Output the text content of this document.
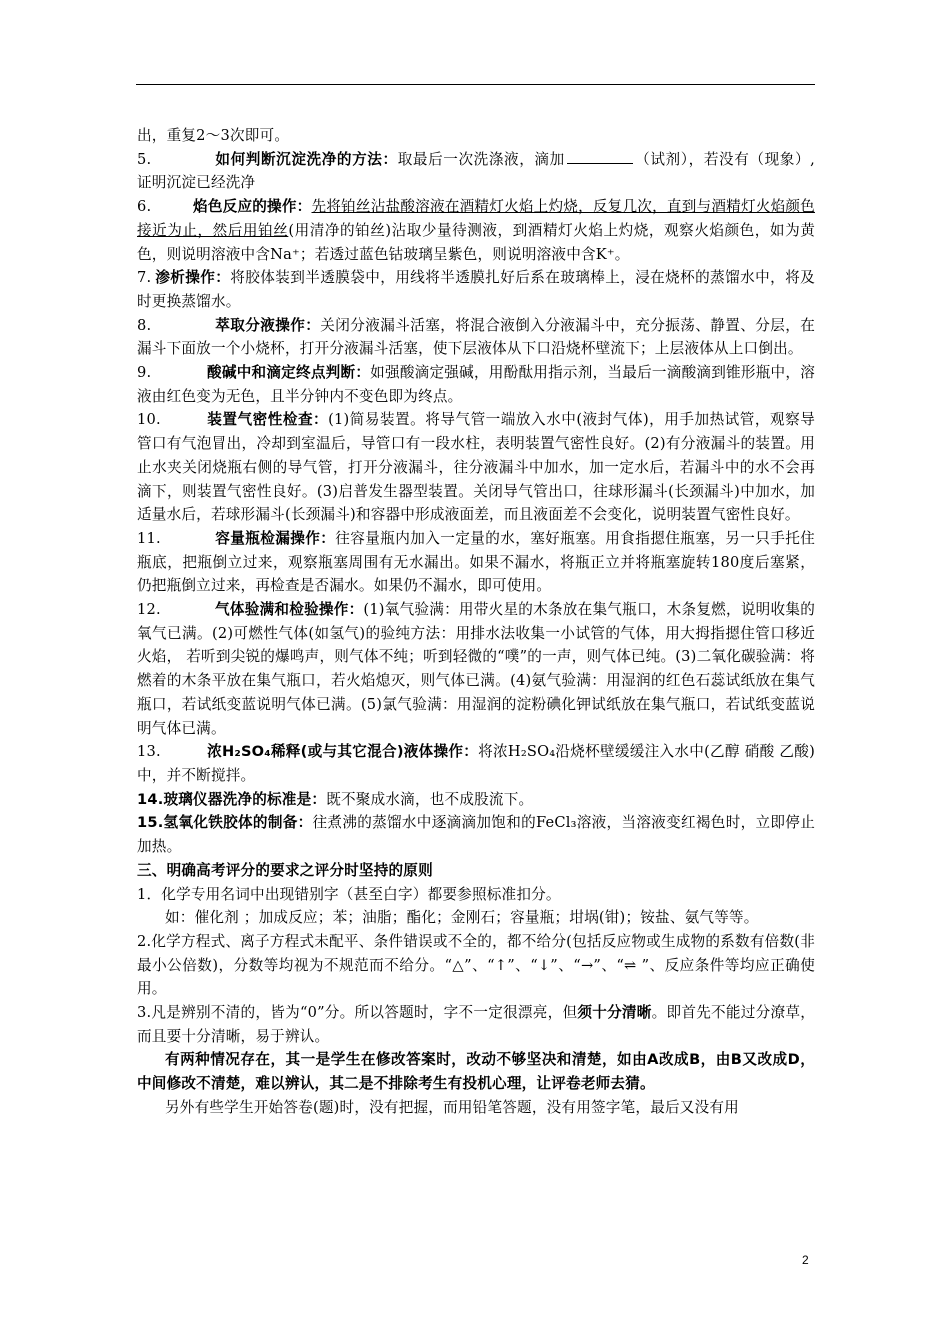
出，重复2～3次即可。

5.	如何判断沉淀洗净的方法：取最后一次洗涤液，滴加	（试剂），若没有（现象）,证明沉淀已经洗净

6.	焰色反应的操作：先将铂丝沾盐酸溶液在酒精灯火焰上灼烧，反复几次，直到与酒精灯火焰颜色接近为止，然后用铂丝(用清净的铂丝)沾取少量待测液，到酒精灯火焰上灼烧，观察火焰颜色，如为黄色，则说明溶液中含Na⁺；若透过蓝色钴玻璃呈紫色，则说明溶液中含K⁺。

7. 渗析操作：将胶体装到半透膜袋中，用线将半透膜扎好后系在玻璃棒上，浸在烧杯的蒸馏水中，将及时更换蒸馏水。

8.	萃取分液操作：关闭分液漏斗活塞，将混合液倒入分液漏斗中，充分振荡、静置、分层，在漏斗下面放一个小烧杯，打开分液漏斗活塞，使下层液体从下口沿烧杯壁流下；上层液体从上口倒出。

9.	酸碱中和滴定终点判断：如强酸滴定强碱，用酚酞用指示剂，当最后一滴酸滴到锥形瓶中，溶液由红色变为无色，且半分钟内不变色即为终点。

10.	装置气密性检查：(1)简易装置。将导气管一端放入水中(液封气体)，用手加热试管，观察导管口有气泡冒出，冷却到室温后，导管口有一段水柱，表明装置气密性良好。(2)有分液漏斗的装置。用止水夹关闭烧瓶右侧的导气管，打开分液漏斗，往分液漏斗中加水，加一定水后，若漏斗中的水不会再滴下，则装置气密性良好。(3)启普发生器型装置。关闭导气管出口，往球形漏斗(长颈漏斗)中加水，加适量水后，若球形漏斗(长颈漏斗)和容器中形成液面差，而且液面差不会变化，说明装置气密性良好。

11.	容量瓶检漏操作：往容量瓶内加入一定量的水，塞好瓶塞。用食指摁住瓶塞，另一只手托住瓶底，把瓶倒立过来，观察瓶塞周围有无水漏出。如果不漏水，将瓶正立并将瓶塞旋转180度后塞紧，仍把瓶倒立过来，再检查是否漏水。如果仍不漏水，即可使用。

12.	气体验满和检验操作：(1)氧气验满：用带火星的木条放在集气瓶口，木条复燃，说明收集的氧气已满。(2)可燃性气体(如氢气)的验纯方法：用排水法收集一小试管的气体，用大拇指摁住管口移近火焰， 若听到尖锐的爆鸣声，则气体不纯；听到轻微的“噗”的一声，则气体已纯。(3)二氧化碳验满：将燃着的木条平放在集气瓶口，若火焰熄灭，则气体已满。(4)氨气验满：用湿润的红色石蕊试纸放在集气瓶口，若试纸变蓝说明气体已满。(5)氯气验满：用湿润的淀粉碘化钾试纸放在集气瓶口，若试纸变蓝说明气体已满。

13.	浓H₂SO₄稀释(或与其它混合)液体操作：将浓H₂SO₄沿烧杯壁缓缓注入水中(乙醇 硝酸 乙酸)中，并不断搅拌。

14.玻璃仪器洗净的标准是：既不聚成水滴，也不成股流下。

15.氢氧化铁胶体的制备：往煮沸的蒸馏水中逐滴滴加饱和的FeCl₃溶液，当溶液变红褐色时，立即停止加热。

三、明确高考评分的要求之评分时坚持的原则

1．化学专用名词中出现错别字（甚至白字）都要参照标准扣分。

如：催化剂 ；加成反应；苯；油脂；酯化；金刚石；容量瓶；坩埚(钳)；铵盐、氨气等等。

2.化学方程式、离子方程式未配平、条件错误或不全的，都不给分(包括反应物或生成物的系数有倍数(非最小公倍数)，分数等均视为不规范而不给分。“△”、“↑”、“↓”、“→”、“⇌ ”、反应条件等均应正确使用。

3.凡是辨别不清的，皆为“0”分。所以答题时，字不一定很漂亮，但须十分清晰。即首先不能过分潦草，而且要十分清晰，易于辨认。

有两种情况存在，其一是学生在修改答案时，改动不够坚决和清楚，如由A改成B，由B又改成D，中间修改不清楚，难以辨认，其二是不排除考生有投机心理，让评卷老师去猜。

另外有些学生开始答卷(题)时，没有把握，而用铅笔答题，没有用签字笔，最后又没有用

2
